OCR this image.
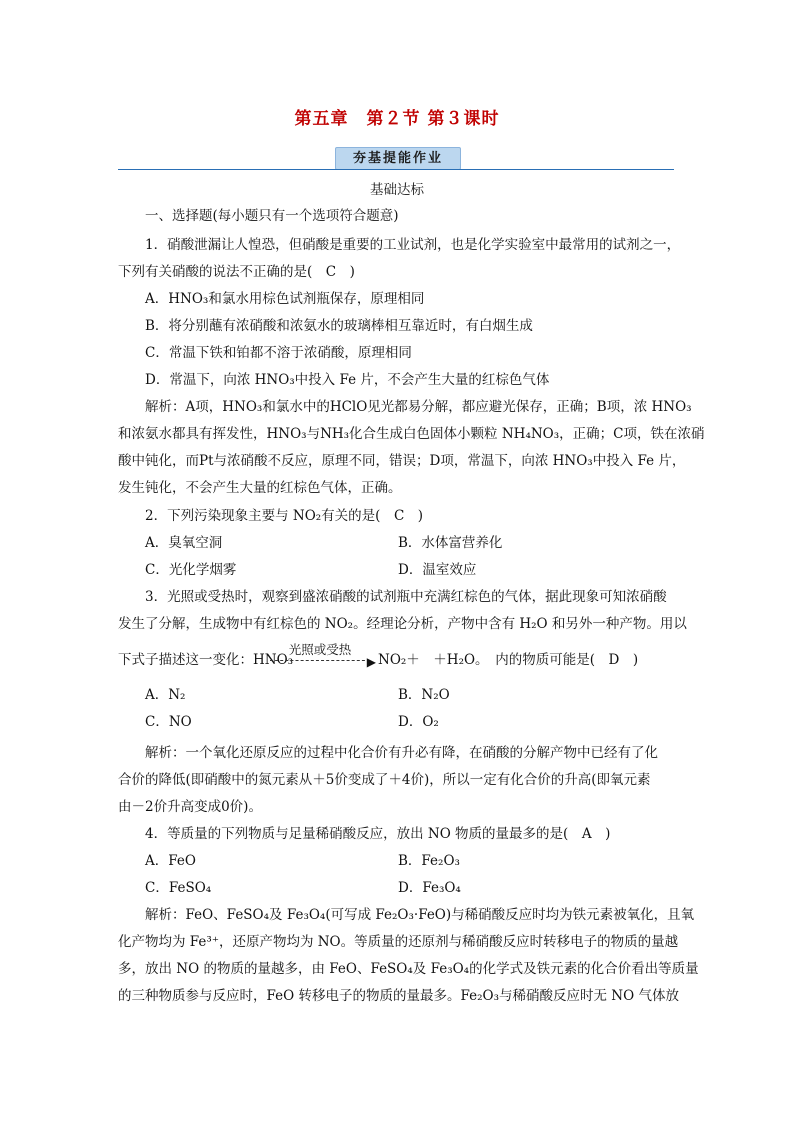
第五章　第２节 第３课时
夯基提能作业
基础达标
一、选择题(每小题只有一个选项符合题意)
1．硝酸泄漏让人惶恐，但硝酸是重要的工业试剂，也是化学实验室中最常用的试剂之一，
下列有关硝酸的说法不正确的是(　C　)
A．HNO₃和氯水用棕色试剂瓶保存，原理相同
B．将分别蘸有浓硝酸和浓氨水的玻璃棒相互靠近时，有白烟生成
C．常温下铁和铂都不溶于浓硝酸，原理相同
D．常温下，向浓 HNO₃中投入 Fe 片，不会产生大量的红棕色气体
解析：A项，HNO₃和氯水中的HClO见光都易分解，都应避光保存，正确；B项，浓 HNO₃
和浓氨水都具有挥发性，HNO₃与NH₃化合生成白色固体小颗粒 NH₄NO₃，正确；C项，铁在浓硝
酸中钝化，而Pt与浓硝酸不反应，原理不同，错误；D项，常温下，向浓 HNO₃中投入 Fe 片，
发生钝化，不会产生大量的红棕色气体，正确。
2．下列污染现象主要与 NO₂有关的是(　C　)
A．臭氧空洞	B．水体富营养化
C．光化学烟雾	D．温室效应
3．光照或受热时，观察到盛浓硝酸的试剂瓶中充满红棕色的气体，据此现象可知浓硝酸
发生了分解，生成物中有红棕色的 NO₂。经理论分析，产物中含有 H₂O 和另外一种产物。用以
下式子描述这一变化：HNO₃
光照或受热
▶ NO₂＋　＋H₂O。　内的物质可能是(　D　)
A．N₂	B．N₂O
C．NO	D．O₂
解析：一个氧化还原反应的过程中化合价有升必有降，在硝酸的分解产物中已经有了化
合价的降低(即硝酸中的氮元素从＋5价变成了＋4价)，所以一定有化合价的升高(即氧元素
由－2价升高变成0价)。
4．等质量的下列物质与足量稀硝酸反应，放出 NO 物质的量最多的是(　A　)
A．FeO	B．Fe₂O₃
C．FeSO₄	D．Fe₃O₄
解析：FeO、FeSO₄及 Fe₃O₄(可写成 Fe₂O₃·FeO)与稀硝酸反应时均为铁元素被氧化，且氧
化产物均为 Fe³⁺，还原产物均为 NO。等质量的还原剂与稀硝酸反应时转移电子的物质的量越
多，放出 NO 的物质的量越多，由 FeO、FeSO₄及 Fe₃O₄的化学式及铁元素的化合价看出等质量
的三种物质参与反应时，FeO 转移电子的物质的量最多。Fe₂O₃与稀硝酸反应时无 NO 气体放
